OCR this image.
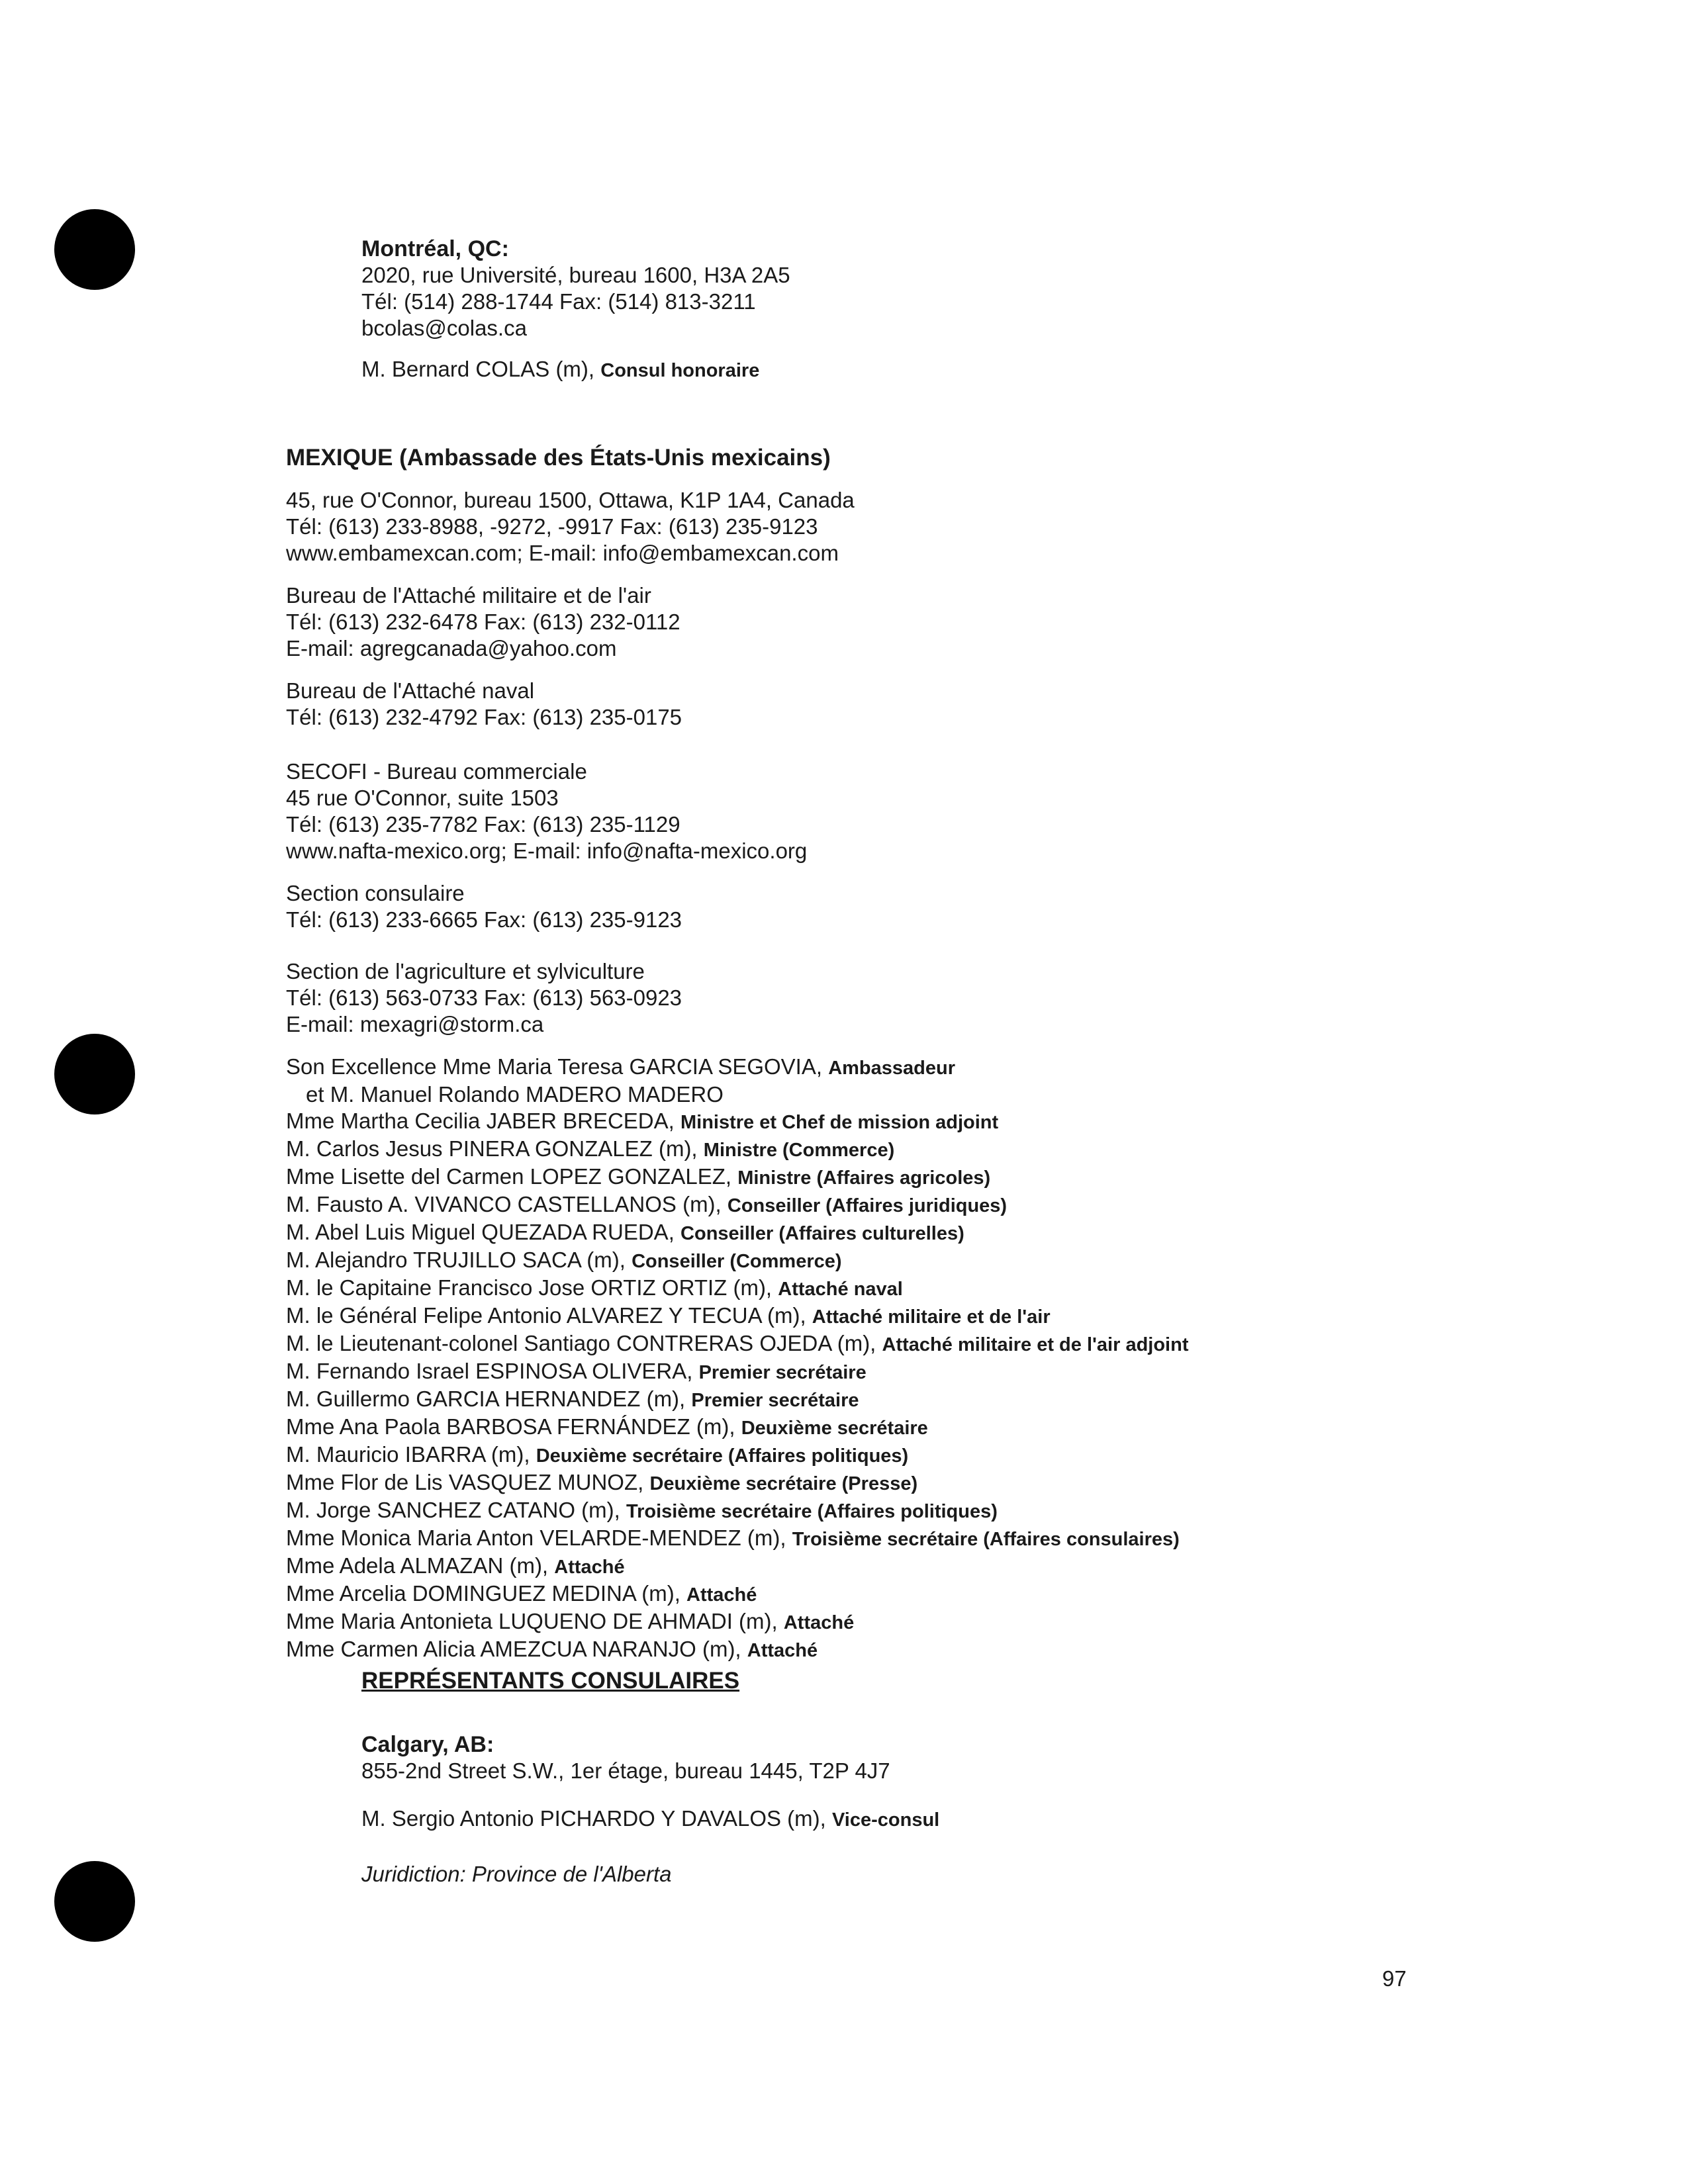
Montréal, QC:
2020, rue Université, bureau 1600, H3A 2A5
Tél: (514) 288-1744 Fax: (514) 813-3211
bcolas@colas.ca
M. Bernard COLAS (m), Consul honoraire
MEXIQUE (Ambassade des États-Unis mexicains)
45, rue O'Connor, bureau 1500, Ottawa, K1P 1A4, Canada
Tél: (613) 233-8988, -9272, -9917 Fax: (613) 235-9123
www.embamexcan.com; E-mail: info@embamexcan.com
Bureau de l'Attaché militaire et de l'air
Tél: (613) 232-6478 Fax: (613) 232-0112
E-mail: agregcanada@yahoo.com
Bureau de l'Attaché naval
Tél: (613) 232-4792 Fax: (613) 235-0175
SECOFI - Bureau commerciale
45 rue O'Connor, suite 1503
Tél: (613) 235-7782 Fax: (613) 235-1129
www.nafta-mexico.org; E-mail: info@nafta-mexico.org
Section consulaire
Tél: (613) 233-6665 Fax: (613) 235-9123
Section de l'agriculture et sylviculture
Tél: (613) 563-0733 Fax: (613) 563-0923
E-mail: mexagri@storm.ca
Son Excellence Mme Maria Teresa GARCIA SEGOVIA, Ambassadeur
et M. Manuel Rolando MADERO MADERO
Mme Martha Cecilia JABER BRECEDA, Ministre et Chef de mission adjoint
M. Carlos Jesus PINERA GONZALEZ (m), Ministre (Commerce)
Mme Lisette del Carmen LOPEZ GONZALEZ, Ministre (Affaires agricoles)
M. Fausto A. VIVANCO CASTELLANOS (m), Conseiller (Affaires juridiques)
M. Abel Luis Miguel QUEZADA RUEDA, Conseiller (Affaires culturelles)
M. Alejandro TRUJILLO SACA (m), Conseiller (Commerce)
M. le Capitaine Francisco Jose ORTIZ ORTIZ (m), Attaché naval
M. le Général Felipe Antonio ALVAREZ Y TECUA (m), Attaché militaire et de l'air
M. le Lieutenant-colonel Santiago CONTRERAS OJEDA (m), Attaché militaire et de l'air adjoint
M. Fernando Israel ESPINOSA OLIVERA, Premier secrétaire
M. Guillermo GARCIA HERNANDEZ (m), Premier secrétaire
Mme Ana Paola BARBOSA FERNÁNDEZ (m), Deuxième secrétaire
M. Mauricio IBARRA (m), Deuxième secrétaire (Affaires politiques)
Mme Flor de Lis VASQUEZ MUNOZ, Deuxième secrétaire (Presse)
M. Jorge SANCHEZ CATANO (m), Troisième secrétaire (Affaires politiques)
Mme Monica Maria Anton VELARDE-MENDEZ (m), Troisième secrétaire (Affaires consulaires)
Mme Adela ALMAZAN (m), Attaché
Mme Arcelia DOMINGUEZ MEDINA (m), Attaché
Mme Maria Antonieta LUQUENO DE AHMADI (m), Attaché
Mme Carmen Alicia AMEZCUA NARANJO (m), Attaché
REPRÉSENTANTS CONSULAIRES
Calgary, AB:
855-2nd Street S.W., 1er étage, bureau 1445, T2P 4J7
M. Sergio Antonio PICHARDO Y DAVALOS (m), Vice-consul
Juridiction: Province de l'Alberta
97
